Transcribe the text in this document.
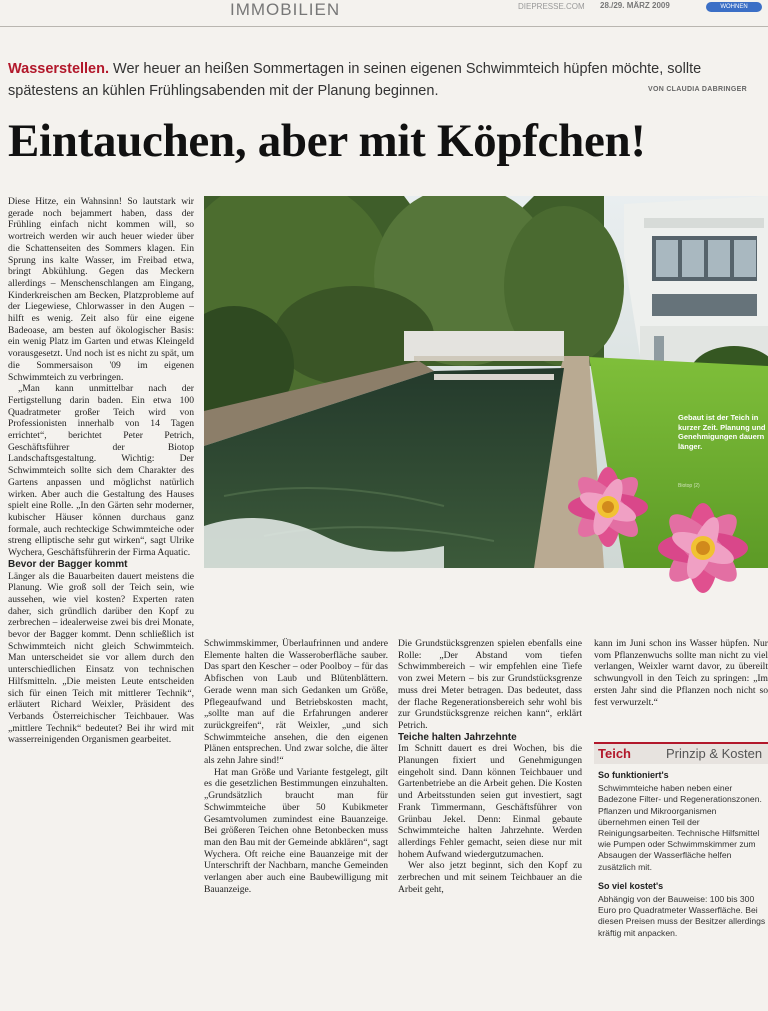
IMMOBILIEN	DIEPRESSE.COM 28./29. MÄRZ 2009	WOHNEN
Wasserstellen. Wer heuer an heißen Sommertagen in seinen eigenen Schwimmteich hüpfen möchte, sollte spätestens an kühlen Frühlingsabenden mit der Planung beginnen.	VON CLAUDIA DABRINGER
Eintauchen, aber mit Köpfchen!
Gebaut ist der Teich in kurzer Zeit. Planung und Genehmigungen dauern länger.
Biotop (2)

Diese Hitze, ein Wahnsinn! So lautstark wir gerade noch bejammert haben, dass der Frühling einfach nicht kommen will, so wortreich werden wir auch heuer wieder über die Schattenseiten des Sommers klagen. Ein Sprung ins kalte Wasser, im Freibad etwa, bringt Abkühlung. Gegen das Meckern allerdings – Menschenschlangen am Eingang, Kinderkreischen am Becken, Platzprobleme auf der Liegewiese, Chlorwasser in den Augen – hilft es wenig. Zeit also für eine eigene Badeoase, am besten auf ökologischer Basis: ein wenig Platz im Garten und etwas Kleingeld vorausgesetzt. Und noch ist es nicht zu spät, um die Sommersaison '09 im eigenen Schwimmteich zu verbringen.

„Man kann unmittelbar nach der Fertigstellung darin baden. Ein etwa 100 Quadratmeter großer Teich wird von Professionisten innerhalb von 14 Tagen errichtet“, berichtet Peter Petrich, Geschäftsführer der Biotop Landschaftsgestaltung. Wichtig: Der Schwimmteich sollte sich dem Charakter des Gartens anpassen und möglichst natürlich wirken. Aber auch die Gestaltung des Hauses spielt eine Rolle. „In den Gärten sehr moderner, kubischer Häuser können durchaus ganz formale, auch rechteckige Schwimmteiche oder streng elliptische sehr gut wirken“, sagt Ulrike Wychera, Geschäftsführerin der Firma Aquatic.

Bevor der Bagger kommt

Länger als die Bauarbeiten dauert meistens die Planung. Wie groß soll der Teich sein, wie aussehen, wie viel kosten? Experten raten daher, sich gründlich darüber den Kopf zu zerbrechen – idealerweise zwei bis drei Monate, bevor der Bagger kommt. Denn schließlich ist Schwimmteich nicht gleich Schwimmteich. Man unterscheidet sie vor allem durch den unterschiedlichen Einsatz von technischen Hilfsmitteln. „Die meisten Leute entscheiden sich für einen Teich mit mittlerer Technik“, erläutert Richard Weixler, Präsident des Verbands Österreichischer Teichbauer. Was „mittlere Technik“ bedeutet? Bei ihr wird mit wasserreinigenden Organismen gearbeitet.

Schwimmskimmer, Überlaufrinnen und andere Elemente halten die Wasseroberfläche sauber. Das spart den Kescher – oder Poolboy – für das Abfischen von Laub und Blütenblättern. Gerade wenn man sich Gedanken um Größe, Pflegeaufwand und Betriebskosten macht, „sollte man auf die Erfahrungen anderer zurückgreifen“, rät Weixler, „und sich Schwimmteiche ansehen, die den eigenen Plänen entsprechen. Und zwar solche, die älter als zehn Jahre sind!“

Hat man Größe und Variante festgelegt, gilt es die gesetzlichen Bestimmungen einzuhalten. „Grundsätzlich braucht man für Schwimmteiche über 50 Kubikmeter Gesamtvolumen zumindest eine Bauanzeige. Bei größeren Teichen ohne Betonbecken muss man den Bau mit der Gemeinde abklären“, sagt Wychera. Oft reiche eine Bauanzeige mit der Unterschrift der Nachbarn, manche Gemeinden verlangen aber auch eine Baubewilligung mit Bauanzeige.

Die Grundstücksgrenzen spielen ebenfalls eine Rolle: „Der Abstand vom tiefen Schwimmbereich – wir empfehlen eine Tiefe von zwei Metern – bis zur Grundstücksgrenze muss drei Meter betragen. Das bedeutet, dass der flache Regenerationsbereich sehr wohl bis zur Grundstücksgrenze reichen kann“, erklärt Petrich.

Teiche halten Jahrzehnte

Im Schnitt dauert es drei Wochen, bis die Planungen fixiert und Genehmigungen eingeholt sind. Dann können Teichbauer und Gartenbetriebe an die Arbeit gehen. Die Kosten und Arbeitsstunden seien gut investiert, sagt Frank Timmermann, Geschäftsführer von Grünbau Jekel. Denn: Einmal gebaute Schwimmteiche halten Jahrzehnte. Werden allerdings Fehler gemacht, seien diese nur mit hohem Aufwand wiedergutzumachen.

Wer also jetzt beginnt, sich den Kopf zu zerbrechen und mit seinem Teichbauer an die Arbeit geht,

kann im Juni schon ins Wasser hüpfen. Nur vom Pflanzenwuchs sollte man nicht zu viel verlangen, Weixler warnt davor, zu übereilt schwungvoll in den Teich zu springen: „Im ersten Jahr sind die Pflanzen noch nicht so fest verwurzelt.“

Teich	Prinzip & Kosten
So funktioniert's

Schwimmteiche haben neben einer Badezone Filter- und Regenerationszonen. Pflanzen und Mikroorganismen übernehmen einen Teil der Reinigungsarbeiten. Technische Hilfsmittel wie Pumpen oder Schwimmskimmer zum Absaugen der Wasserfläche helfen zusätzlich mit.

So viel kostet's

Abhängig von der Bauweise: 100 bis 300 Euro pro Quadratmeter Wasserfläche. Bei diesen Preisen muss der Besitzer allerdings kräftig mit anpacken.
